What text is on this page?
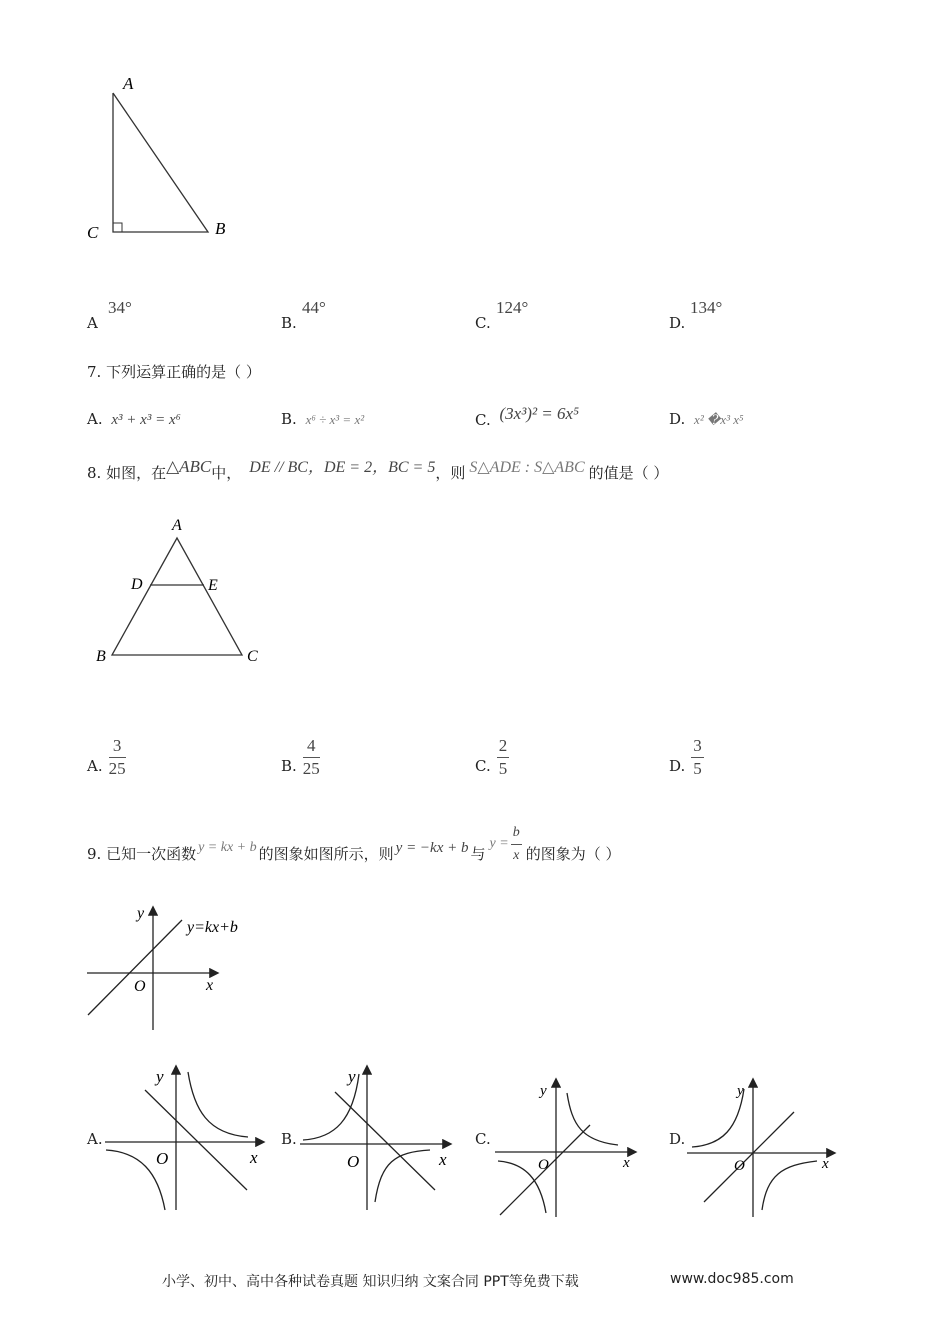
A
C	B
A
34°
B.
44°
C.
124°
D.
134°
7. 下列运算正确的是（ ）
A. x³ + x³ = x⁶	B. x⁶ ÷ x³ = x²	C. (3x³)² = 6x⁵	D. x² �x³ x⁵
8. 如图，在△ABC中， DE // BC，DE = 2，BC = 5，则 S△ADE : S△ABC 的值是（ ）
A
D	E
B	C
A. $\frac{3}{25}$	B. $\frac{4}{25}$	C. $\frac{2}{5}$	D. $\frac{3}{5}$
9. 已知一次函数 y = kx + b 的图象如图所示，则 y = −kx + b 与
$y = \frac{b}{x}$ 的图象为（ ）
y
x
O
y=kx+b
A.
y
x
O
B.
y
x
O
C.
y
x
O
D.
y
x
O
小学、初中、高中各种试卷真题 知识归纳 文案合同 PPT等免费下载	www.doc985.com
